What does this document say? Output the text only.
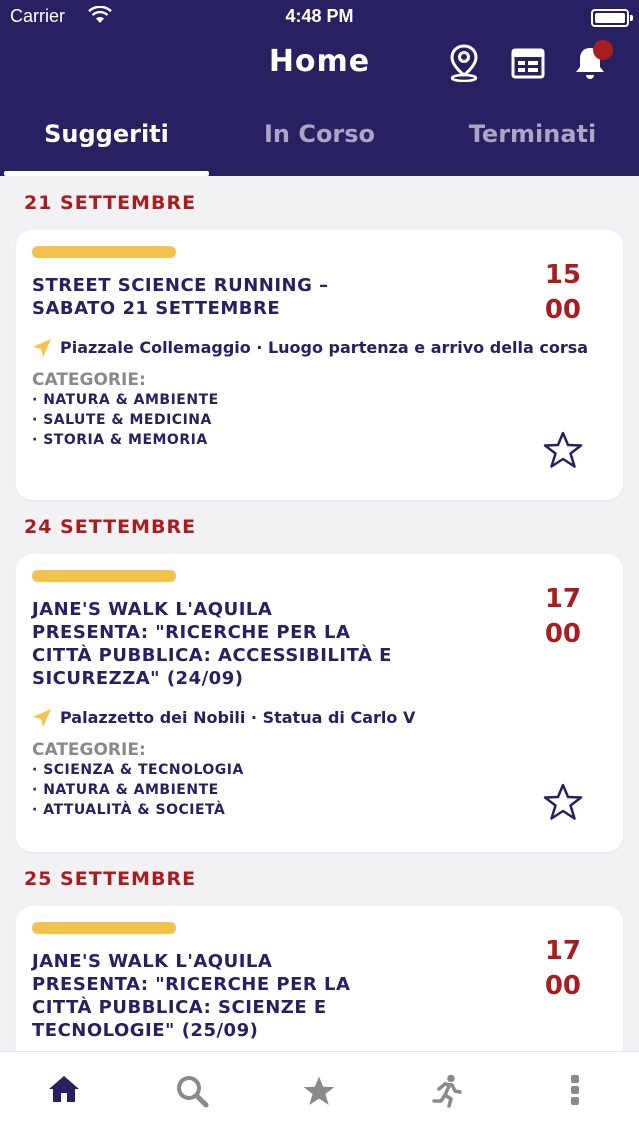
Carrier	4:48 PM
Home
Suggeriti	In Corso	Terminati
21 SETTEMBRE
STREET SCIENCE RUNNING – SABATO 21 SETTEMBRE
15
00
Piazzale Collemaggio · Luogo partenza e arrivo della corsa
CATEGORIE:
· NATURA & AMBIENTE
· SALUTE & MEDICINA
· STORIA & MEMORIA
24 SETTEMBRE
JANE'S WALK L'AQUILA PRESENTA: "RICERCHE PER LA CITTÀ PUBBLICA: ACCESSIBILITÀ E SICUREZZA" (24/09)
17
00
Palazzetto dei Nobili · Statua di Carlo V
CATEGORIE:
· SCIENZA & TECNOLOGIA
· NATURA & AMBIENTE
· ATTUALITÀ & SOCIETÀ
25 SETTEMBRE
JANE'S WALK L'AQUILA PRESENTA: "RICERCHE PER LA CITTÀ PUBBLICA: SCIENZE E TECNOLOGIE" (25/09)
17
00
